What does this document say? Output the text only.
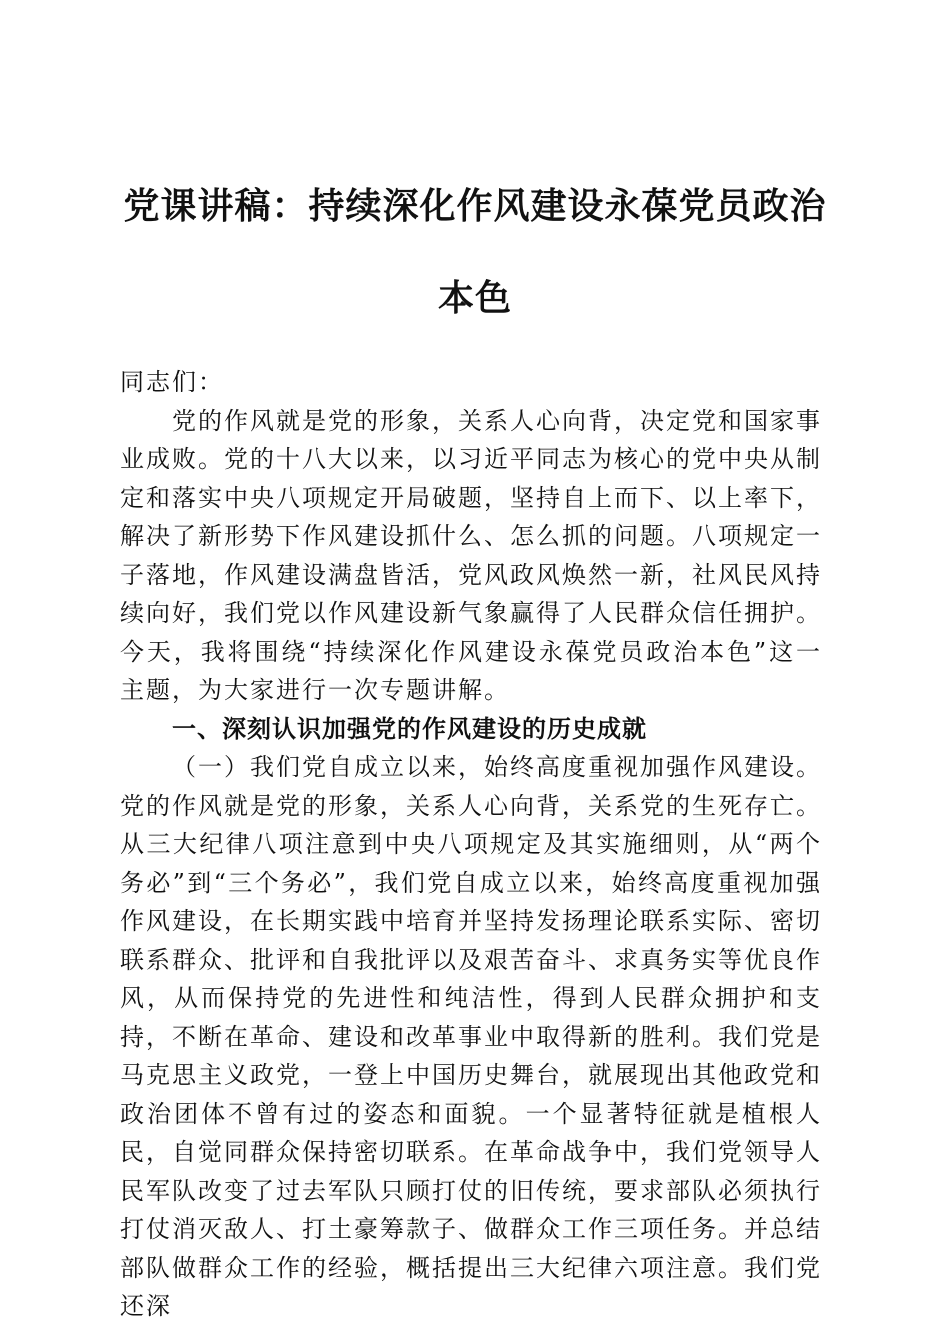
党课讲稿：持续深化作风建设永葆党员政治本色

同志们：

党的作风就是党的形象，关系人心向背，决定党和国家事业成败。党的十八大以来，以习近平同志为核心的党中央从制定和落实中央八项规定开局破题，坚持自上而下、以上率下，解决了新形势下作风建设抓什么、怎么抓的问题。八项规定一子落地，作风建设满盘皆活，党风政风焕然一新，社风民风持续向好，我们党以作风建设新气象赢得了人民群众信任拥护。今天，我将围绕“持续深化作风建设永葆党员政治本色”这一主题，为大家进行一次专题讲解。

一、深刻认识加强党的作风建设的历史成就

（一）我们党自成立以来，始终高度重视加强作风建设。党的作风就是党的形象，关系人心向背，关系党的生死存亡。从三大纪律八项注意到中央八项规定及其实施细则，从“两个务必”到“三个务必”，我们党自成立以来，始终高度重视加强作风建设，在长期实践中培育并坚持发扬理论联系实际、密切联系群众、批评和自我批评以及艰苦奋斗、求真务实等优良作风，从而保持党的先进性和纯洁性，得到人民群众拥护和支持，不断在革命、建设和改革事业中取得新的胜利。我们党是马克思主义政党，一登上中国历史舞台，就展现出其他政党和政治团体不曾有过的姿态和面貌。一个显著特征就是植根人民，自觉同群众保持密切联系。在革命战争中，我们党领导人民军队改变了过去军队只顾打仗的旧传统，要求部队必须执行打仗消灭敌人、打土豪筹款子、做群众工作三项任务。并总结部队做群众工作的经验，概括提出三大纪律六项注意。我们党还深
